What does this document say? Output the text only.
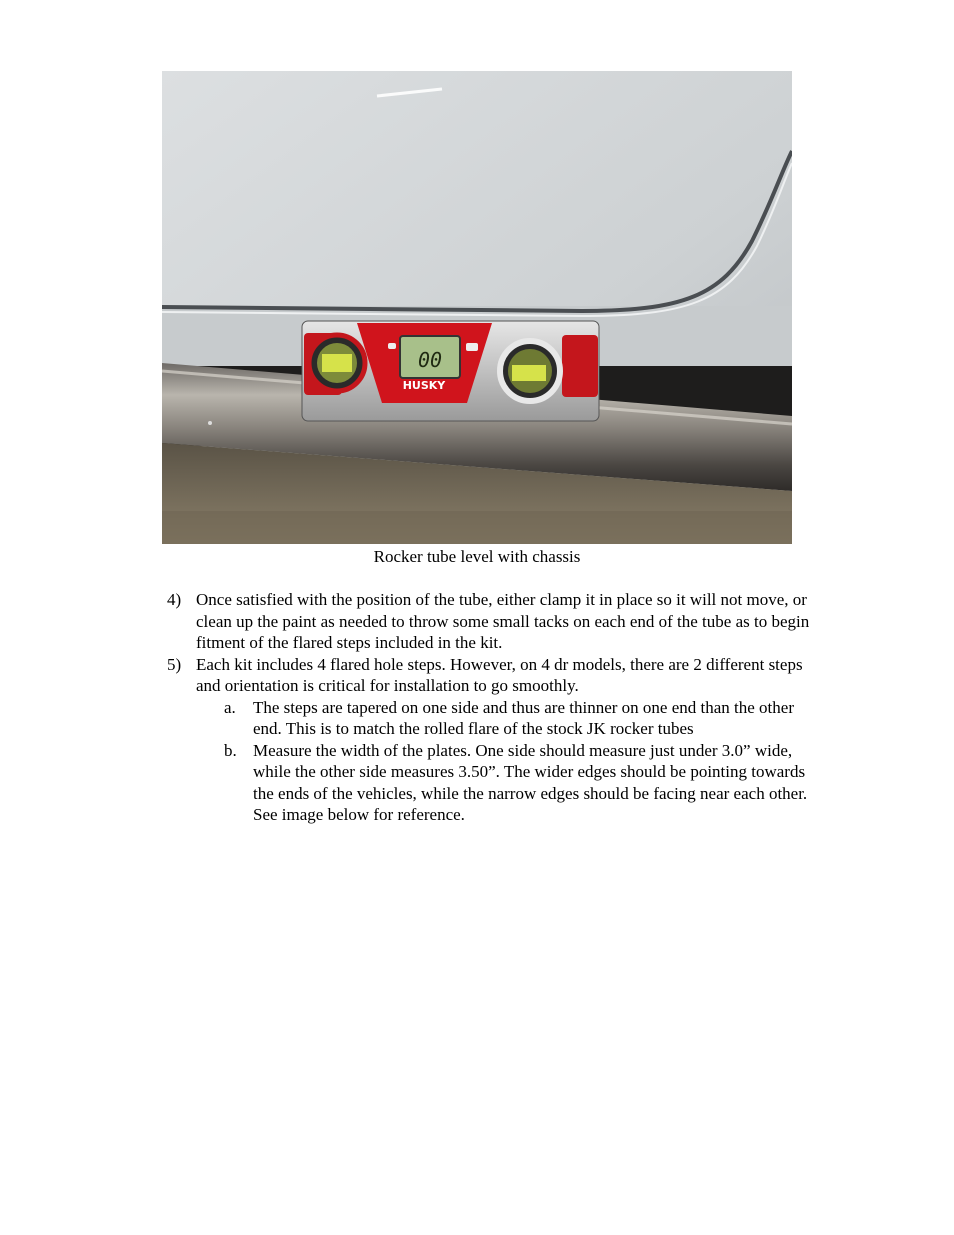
00
HUSKY
Rocker tube level with chassis
4) Once satisfied with the position of the tube, either clamp it in place so it will not move, or clean up the paint as needed to throw some small tacks on each end of the tube as to begin fitment of the flared steps included in the kit.
5) Each kit includes 4 flared hole steps. However, on 4 dr models, there are 2 different steps and orientation is critical for installation to go smoothly.
a. The steps are tapered on one side and thus are thinner on one end than the other end. This is to match the rolled flare of the stock JK rocker tubes
b. Measure the width of the plates. One side should measure just under 3.0” wide, while the other side measures 3.50”. The wider edges should be pointing towards the ends of the vehicles, while the narrow edges should be facing near each other. See image below for reference.
